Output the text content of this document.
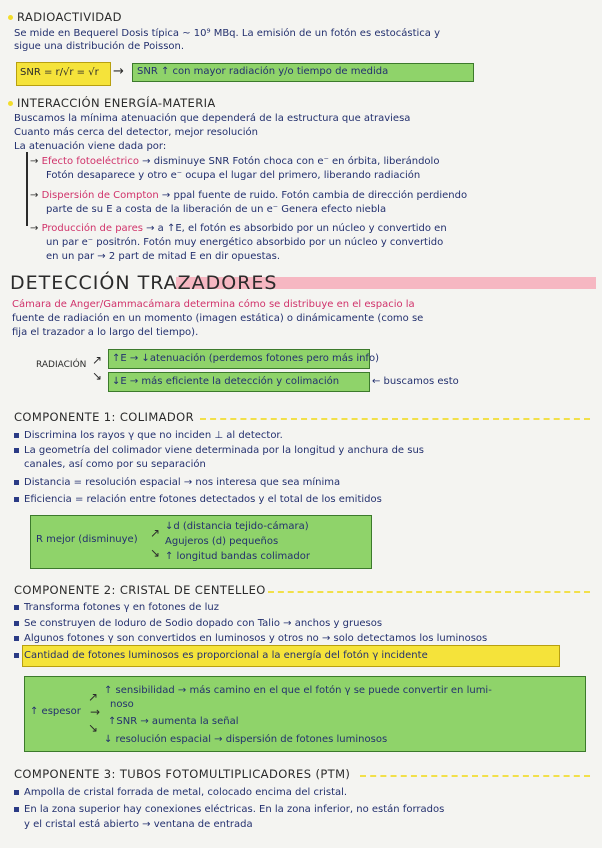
RADIOACTIVIDAD
Se mide en Bequerel Dosis típica ~ 10⁹ MBq. La emisión de un fotón es estocástica y
sigue una distribución de Poisson.
SNR = r/√r = √r → SNR ↑ con mayor radiación y/o tiempo de medida
INTERACCIÓN ENERGÍA-MATERIA
Buscamos la mínima atenuación que dependerá de la estructura que atraviesa
Cuanto más cerca del detector, mejor resolución
La atenuación viene dada por:
→ Efecto fotoeléctrico → disminuye SNR Fotón choca con e⁻ en órbita, liberándolo
Fotón desaparece y otro e⁻ ocupa el lugar del primero, liberando radiación
→ Dispersión de Compton → ppal fuente de ruido. Fotón cambia de dirección perdiendo
parte de su E a costa de la liberación de un e⁻ Genera efecto niebla
→ Producción de pares → a ↑E, el fotón es absorbido por un núcleo y convertido en
un par e⁻ positrón. Fotón muy energético absorbido por un núcleo y convertido
en un par → 2 part de mitad E en dir opuestas.
DETECCIÓN TRAZADORES
Cámara de Anger/Gammacámara determina cómo se distribuye en el espacio la
fuente de radiación en un momento (imagen estática) o dinámicamente (como se
fija el trazador a lo largo del tiempo).
RADIACIÓN ↗
↘
↑E → ↓atenuación (perdemos fotones pero más info)
↓E → más eficiente la detección y colimación	← buscamos esto
COMPONENTE 1: COLIMADOR
Discrimina los rayos γ que no inciden ⊥ al detector.
La geometría del colimador viene determinada por la longitud y anchura de sus
canales, así como por su separación
Distancia = resolución espacial → nos interesa que sea mínima
Eficiencia = relación entre fotones detectados y el total de los emitidos
R mejor (disminuye) ↗
↘
↓d (distancia tejido-cámara)
Agujeros (d) pequeños
↑ longitud bandas colimador
COMPONENTE 2: CRISTAL DE CENTELLEO
Transforma fotones γ en fotones de luz
Se construyen de Ioduro de Sodio dopado con Talio → anchos y gruesos
Algunos fotones γ son convertidos en luminosos y otros no → solo detectamos los luminosos
Cantidad de fotones luminosos es proporcional a la energía del fotón γ incidente
↑ espesor
↗
→
↘
↑ sensibilidad → más camino en el que el fotón γ se puede convertir en lumi-
noso
↑SNR → aumenta la señal
↓ resolución espacial → dispersión de fotones luminosos
COMPONENTE 3: TUBOS FOTOMULTIPLICADORES (PTM)
Ampolla de cristal forrada de metal, colocado encima del cristal.
En la zona superior hay conexiones eléctricas. En la zona inferior, no están forrados
y el cristal está abierto → ventana de entrada
